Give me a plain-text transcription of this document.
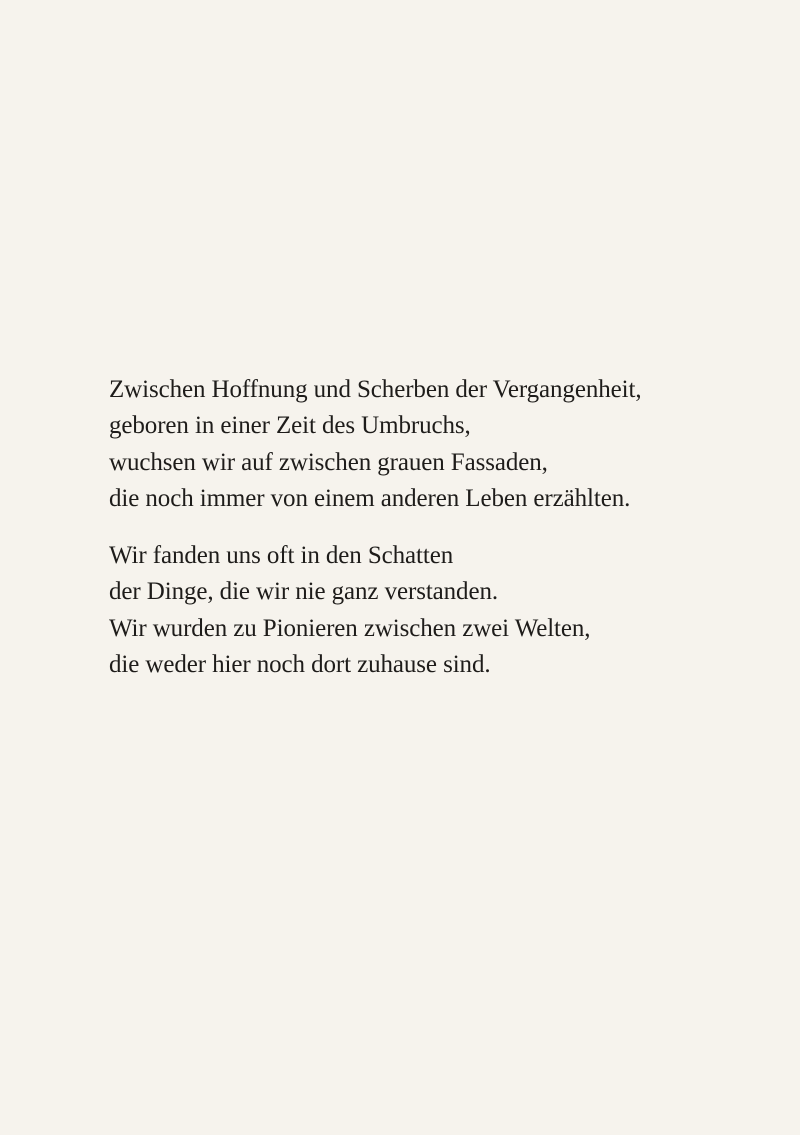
Zwischen Hoffnung und Scherben der Vergangenheit,
geboren in einer Zeit des Umbruchs,
wuchsen wir auf zwischen grauen Fassaden,
die noch immer von einem anderen Leben erzählten.

Wir fanden uns oft in den Schatten
der Dinge, die wir nie ganz verstanden.
Wir wurden zu Pionieren zwischen zwei Welten,
die weder hier noch dort zuhause sind.
